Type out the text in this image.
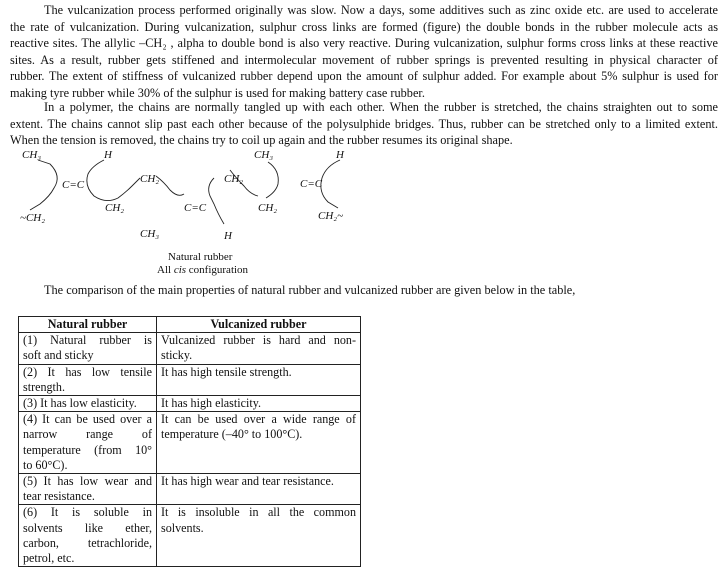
The vulcanization process performed originally was slow. Now a days, some additives such as zinc oxide etc. are used to accelerate
the rate of vulcanization. During vulcanization, sulphur cross links are formed (figure) the double bonds in the rubber molecule acts as
reactive sites. The allylic –CH₂ , alpha to double bond is also very reactive. During vulcanization, sulphur forms cross links at these reactive
sites. As a result, rubber gets stiffened and intermolecular movement of rubber springs is prevented resulting in physical character of
rubber. The extent of stiffness of vulcanized rubber depend upon the amount of sulphur added. For example about 5% sulphur is used for
making tyre rubber while 30% of the sulphur is used for making battery case rubber.

In a polymer, the chains are normally tangled up with each other. When the rubber is stretched, the chains straighten out to some
extent. The chains cannot slip past each other because of the polysulphide bridges. Thus, rubber can be stretched only to a limited extent.
When the tension is removed, the chains try to coil up again and the rubber resumes its original shape.

CH₃	H	CH₃	H
C=C	CH₂
CH₂	C=C
CH₂
CH₂
C=C
~CH₂	CH₂~
CH₃	H
Natural rubber
All cis configuration
The comparison of the main properties of natural rubber and vulcanized rubber are given below in the table,
Natural rubber	Vulcanized rubber

(1) Natural rubber is
soft and sticky	Vulcanized rubber is hard and non-
sticky.

(2) It has low tensile
strength.	It has high tensile strength.

(3) It has low elasticity.	It has high elasticity.

(4) It can be used over a
narrow range of
temperature (from 10°
to 60°C).	It can be used over a wide range of
temperature (–40° to 100°C).

(5) It has low wear and
tear resistance.	It has high wear and tear resistance.

(6) It is soluble in
solvents like ether,
carbon, tetrachloride,
petrol, etc.	It is insoluble in all the common
solvents.
